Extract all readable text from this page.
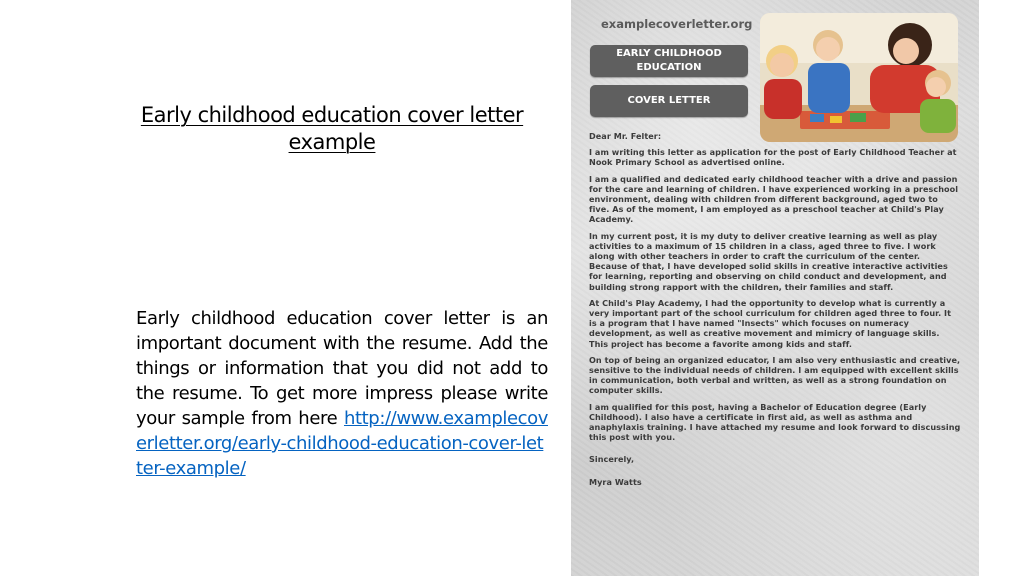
Early childhood education cover letter example
Early childhood education cover letter is an important document with the resume. Add the things or information that you did not add to the resume. To get more impress please write your sample from here http://www.examplecoverletter.org/early-childhood-education-cover-letter-example/
examplecoverletter.org
EARLY CHILDHOOD EDUCATION
COVER LETTER

Dear Mr. Felter:

I am writing this letter as application for the post of Early Childhood Teacher at Nook Primary School as advertised online.

I am a qualified and dedicated early childhood teacher with a drive and passion for the care and learning of children. I have experienced working in a preschool environment, dealing with children from different background, aged two to five. As of the moment, I am employed as a preschool teacher at Child's Play Academy.

In my current post, it is my duty to deliver creative learning as well as play activities to a maximum of 15 children in a class, aged three to five. I work along with other teachers in order to craft the curriculum of the center. Because of that, I have developed solid skills in creative interactive activities for learning, reporting and observing on child conduct and development, and building strong rapport with the children, their families and staff.

At Child's Play Academy, I had the opportunity to develop what is currently a very important part of the school curriculum for children aged three to four. It is a program that I have named "Insects" which focuses on numeracy development, as well as creative movement and mimicry of language skills. This project has become a favorite among kids and staff.

On top of being an organized educator, I am also very enthusiastic and creative, sensitive to the individual needs of children. I am equipped with excellent skills in communication, both verbal and written, as well as a strong foundation on computer skills.

I am qualified for this post, having a Bachelor of Education degree (Early Childhood). I also have a certificate in first aid, as well as asthma and anaphylaxis training. I have attached my resume and look forward to discussing this post with you.

Sincerely,

Myra Watts
